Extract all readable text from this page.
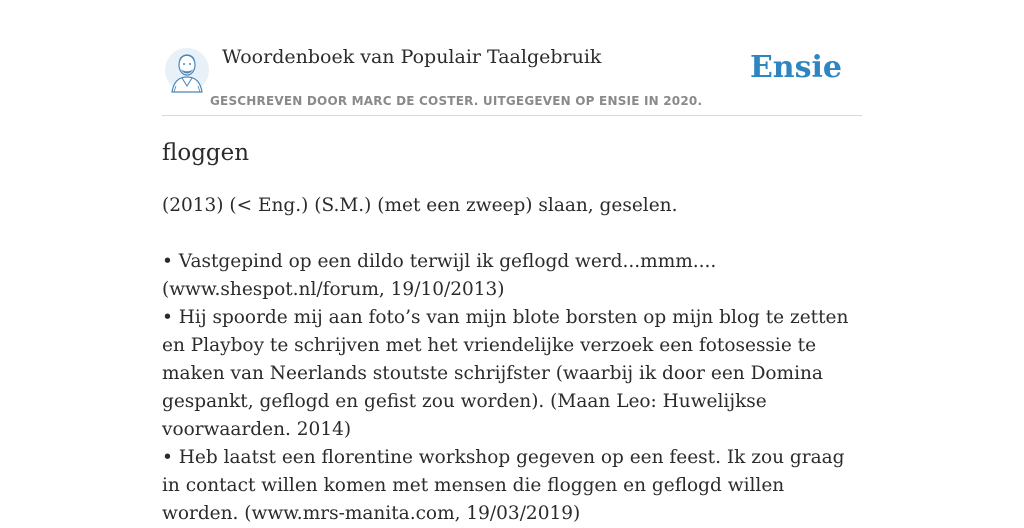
Woordenboek van Populair Taalgebruik
GESCHREVEN DOOR MARC DE COSTER. UITGEGEVEN OP ENSIE IN 2020.
Ensie
floggen

(2013) (< Eng.) (S.M.) (met een zweep) slaan, geselen.

• Vastgepind op een dildo terwijl ik geflogd werd...mmm.... (www.shespot.nl/forum, 19/10/2013)

• Hij spoorde mij aan foto’s van mijn blote borsten op mijn blog te zetten en Playboy te schrijven met het vriendelijke verzoek een fotosessie te maken van Neerlands stoutste schrijfster (waarbij ik door een Domina gespankt, geflogd en gefist zou worden). (Maan Leo: Huwelijkse voorwaarden. 2014)

• Heb laatst een florentine workshop gegeven op een feest. Ik zou graag in contact willen komen met mensen die floggen en geflogd willen worden. (www.mrs-manita.com, 19/03/2019)
